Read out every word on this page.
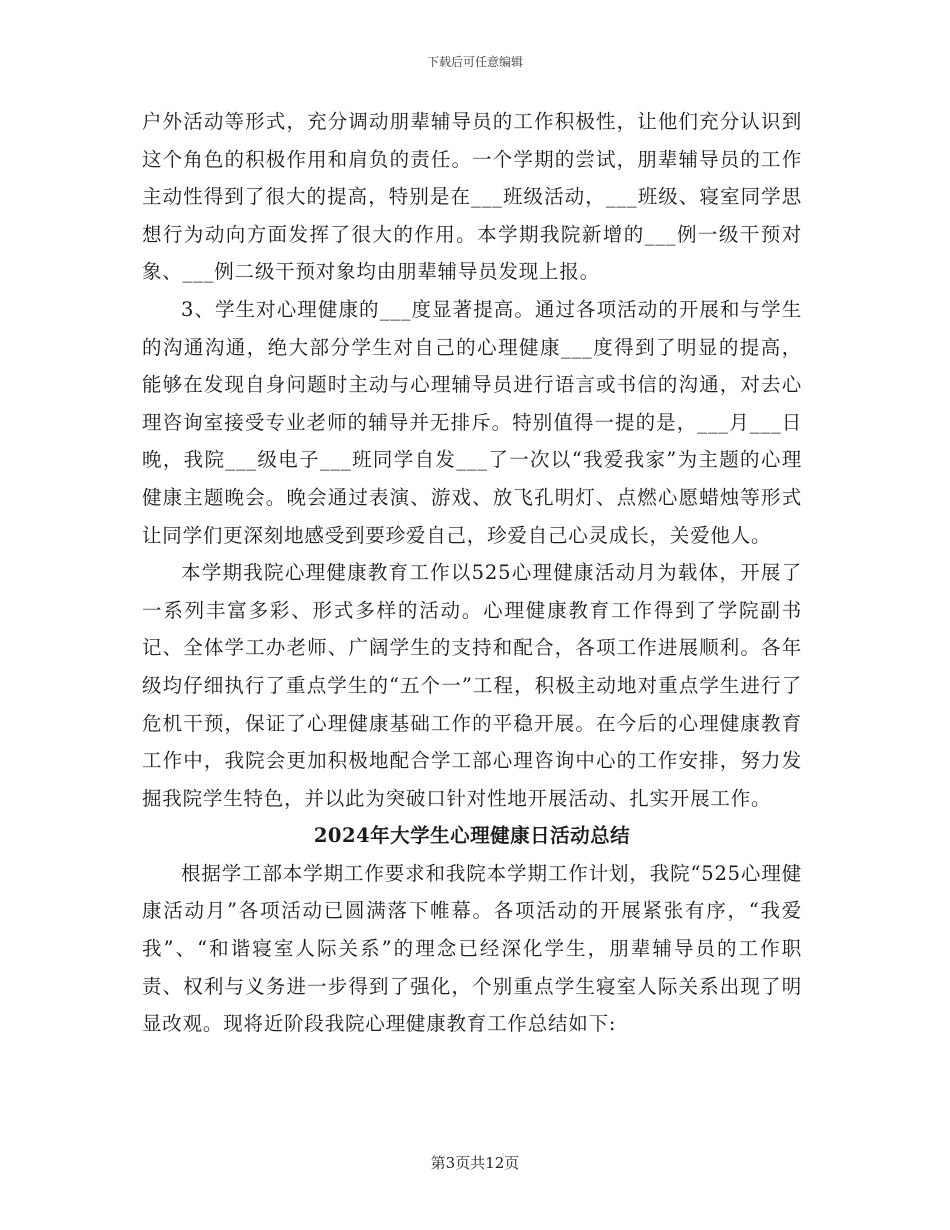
下载后可任意编辑

户外活动等形式，充分调动朋辈辅导员的工作积极性，让他们充分认识到这个角色的积极作用和肩负的责任。一个学期的尝试，朋辈辅导员的工作主动性得到了很大的提高，特别是在___班级活动，___班级、寝室同学思想行为动向方面发挥了很大的作用。本学期我院新增的___例一级干预对象、___例二级干预对象均由朋辈辅导员发现上报。

3、学生对心理健康的___度显著提高。通过各项活动的开展和与学生的沟通沟通，绝大部分学生对自己的心理健康___度得到了明显的提高，能够在发现自身问题时主动与心理辅导员进行语言或书信的沟通，对去心理咨询室接受专业老师的辅导并无排斥。特别值得一提的是，___月___日晚，我院___级电子___班同学自发___了一次以“我爱我家”为主题的心理健康主题晚会。晚会通过表演、游戏、放飞孔明灯、点燃心愿蜡烛等形式让同学们更深刻地感受到要珍爱自己，珍爱自己心灵成长，关爱他人。

本学期我院心理健康教育工作以525心理健康活动月为载体，开展了一系列丰富多彩、形式多样的活动。心理健康教育工作得到了学院副书记、全体学工办老师、广阔学生的支持和配合，各项工作进展顺利。各年级均仔细执行了重点学生的“五个一”工程，积极主动地对重点学生进行了危机干预，保证了心理健康基础工作的平稳开展。在今后的心理健康教育工作中，我院会更加积极地配合学工部心理咨询中心的工作安排，努力发掘我院学生特色，并以此为突破口针对性地开展活动、扎实开展工作。

2024年大学生心理健康日活动总结

根据学工部本学期工作要求和我院本学期工作计划，我院“525心理健康活动月”各项活动已圆满落下帷幕。各项活动的开展紧张有序，“我爱我”、“和谐寝室人际关系”的理念已经深化学生，朋辈辅导员的工作职责、权利与义务进一步得到了强化，个别重点学生寝室人际关系出现了明显改观。现将近阶段我院心理健康教育工作总结如下:

第3页共12页
